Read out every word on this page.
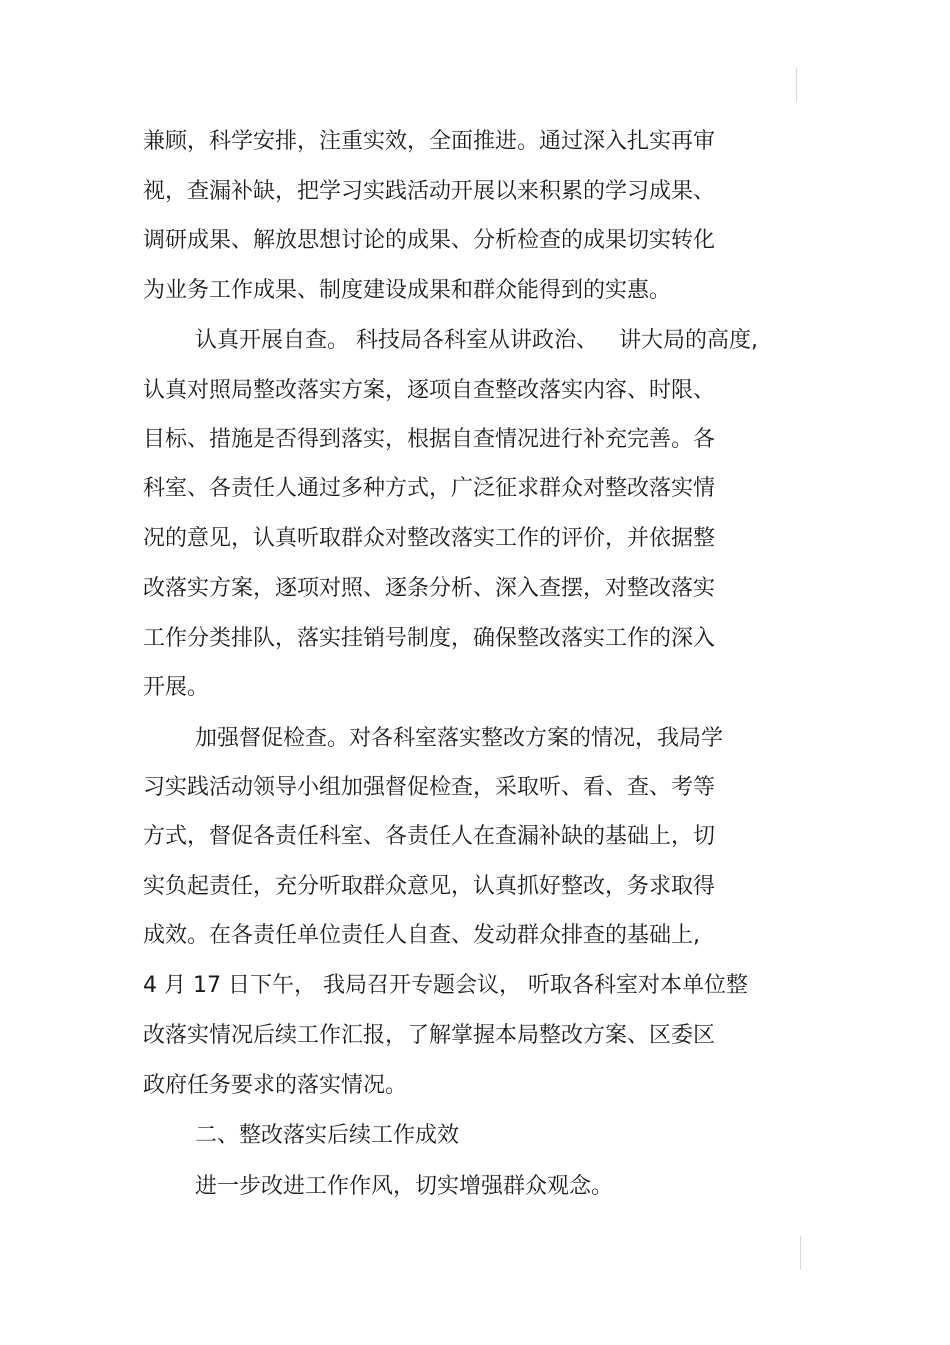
兼顾，科学安排，注重实效，全面推进。通过深入扎实再审
视，查漏补缺，把学习实践活动开展以来积累的学习成果、
调研成果、解放思想讨论的成果、分析检查的成果切实转化
为业务工作成果、制度建设成果和群众能得到的实惠。
认真开展自查。 科技局各科室从讲政治、   讲大局的高度,
认真对照局整改落实方案，逐项自查整改落实内容、时限、
目标、措施是否得到落实，根据自查情况进行补充完善。各
科室、各责任人通过多种方式，广泛征求群众对整改落实情
况的意见，认真听取群众对整改落实工作的评价，并依据整
改落实方案，逐项对照、逐条分析、深入查摆，对整改落实
工作分类排队，落实挂销号制度，确保整改落实工作的深入
开展。
加强督促检查。对各科室落实整改方案的情况，我局学
习实践活动领导小组加强督促检查，采取听、看、查、考等
方式，督促各责任科室、各责任人在查漏补缺的基础上，切
实负起责任，充分听取群众意见，认真抓好整改，务求取得
成效。在各责任单位责任人自查、发动群众排查的基础上,
4 月 17 日下午， 我局召开专题会议， 听取各科室对本单位整
改落实情况后续工作汇报，了解掌握本局整改方案、区委区
政府任务要求的落实情况。
二、整改落实后续工作成效
进一步改进工作作风，切实增强群众观念。
